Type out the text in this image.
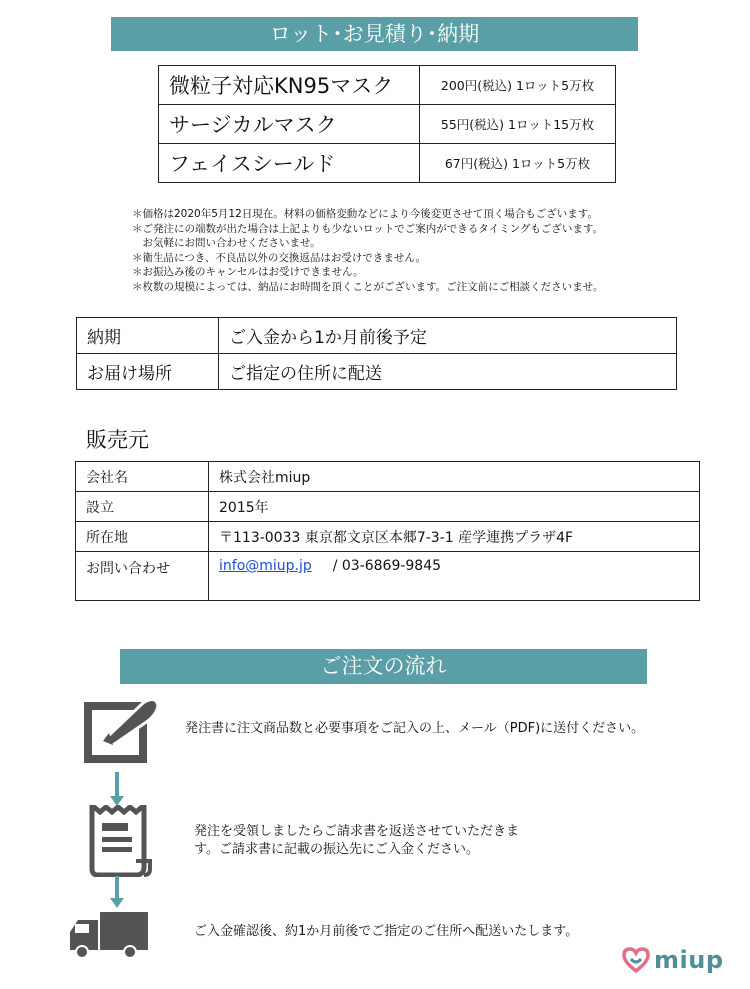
ロット･お見積り･納期
微粒子対応KN95マスク	200円(税込) 1ロット5万枚
サージカルマスク	55円(税込) 1ロット15万枚
フェイスシールド	67円(税込) 1ロット5万枚
＊価格は2020年5月12日現在。材料の価格変動などにより今後変更させて頂く場合もございます。
＊ご発注にの端数が出た場合は上記よりも少ないロットでご案内ができるタイミングもございます。
　お気軽にお問い合わせくださいませ。
＊衛生品につき、不良品以外の交換返品はお受けできません。
＊お振込み後のキャンセルはお受けできません。
＊枚数の規模によっては、納品にお時間を頂くことがございます。ご注文前にご相談くださいませ。
納期	ご入金から1か月前後予定
お届け場所	ご指定の住所に配送
販売元
会社名	株式会社miup
設立	2015年
所在地	〒113-0033 東京都文京区本郷7-3-1 産学連携プラザ4F
お問い合わせ	info@miup.jp / 03-6869-9845
ご注文の流れ
発注書に注文商品数と必要事項をご記入の上、メール（PDF)に送付ください。
発注を受領しましたらご請求書を返送させていただきます。ご請求書に記載の振込先にご入金ください。
ご入金確認後、約1か月前後でご指定のご住所へ配送いたします。
miup
